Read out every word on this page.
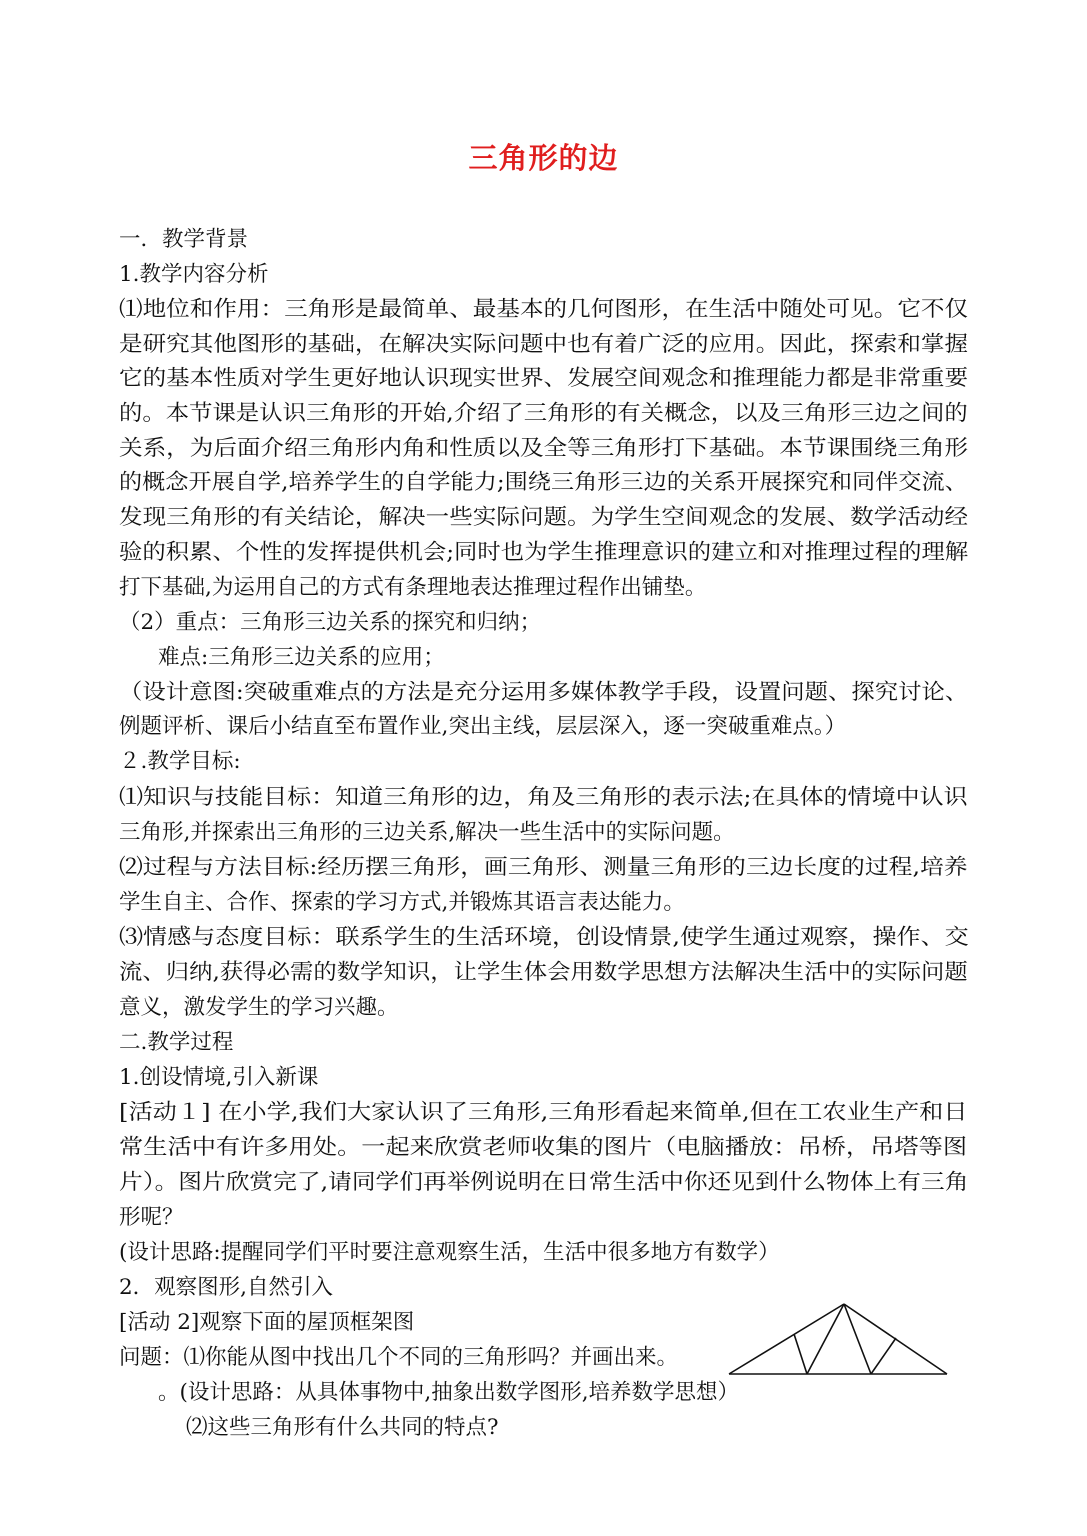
三角形的边
一．教学背景
1.教学内容分析
⑴地位和作用：三角形是最简单、最基本的几何图形，在生活中随处可见。它不仅
是研究其他图形的基础，在解决实际问题中也有着广泛的应用。因此，探索和掌握
它的基本性质对学生更好地认识现实世界、发展空间观念和推理能力都是非常重要
的。本节课是认识三角形的开始,介绍了三角形的有关概念，以及三角形三边之间的
关系，为后面介绍三角形内角和性质以及全等三角形打下基础。本节课围绕三角形
的概念开展自学,培养学生的自学能力;围绕三角形三边的关系开展探究和同伴交流、
发现三角形的有关结论，解决一些实际问题。为学生空间观念的发展、数学活动经
验的积累、个性的发挥提供机会;同时也为学生推理意识的建立和对推理过程的理解
打下基础,为运用自己的方式有条理地表达推理过程作出铺垫。
（2）重点：三角形三边关系的探究和归纳；
难点:三角形三边关系的应用；
（设计意图:突破重难点的方法是充分运用多媒体教学手段，设置问题、探究讨论、
例题评析、课后小结直至布置作业,突出主线，层层深入，逐一突破重难点。）
２.教学目标:
⑴知识与技能目标：知道三角形的边，角及三角形的表示法;在具体的情境中认识
三角形,并探索出三角形的三边关系,解决一些生活中的实际问题。
⑵过程与方法目标:经历摆三角形，画三角形、测量三角形的三边长度的过程,培养
学生自主、合作、探索的学习方式,并锻炼其语言表达能力。
⑶情感与态度目标：联系学生的生活环境，创设情景,使学生通过观察，操作、交
流、归纳,获得必需的数学知识，让学生体会用数学思想方法解决生活中的实际问题
意义，激发学生的学习兴趣。
二.教学过程
1.创设情境,引入新课
[活动１] 在小学,我们大家认识了三角形,三角形看起来简单,但在工农业生产和日
常生活中有许多用处。一起来欣赏老师收集的图片（电脑播放：吊桥，吊塔等图
片）。图片欣赏完了,请同学们再举例说明在日常生活中你还见到什么物体上有三角
形呢？
(设计思路:提醒同学们平时要注意观察生活，生活中很多地方有数学）
2．观察图形,自然引入
[活动 2]观察下面的屋顶框架图
问题：⑴你能从图中找出几个不同的三角形吗？并画出来。
。(设计思路：从具体事物中,抽象出数学图形,培养数学思想）
⑵这些三角形有什么共同的特点?
